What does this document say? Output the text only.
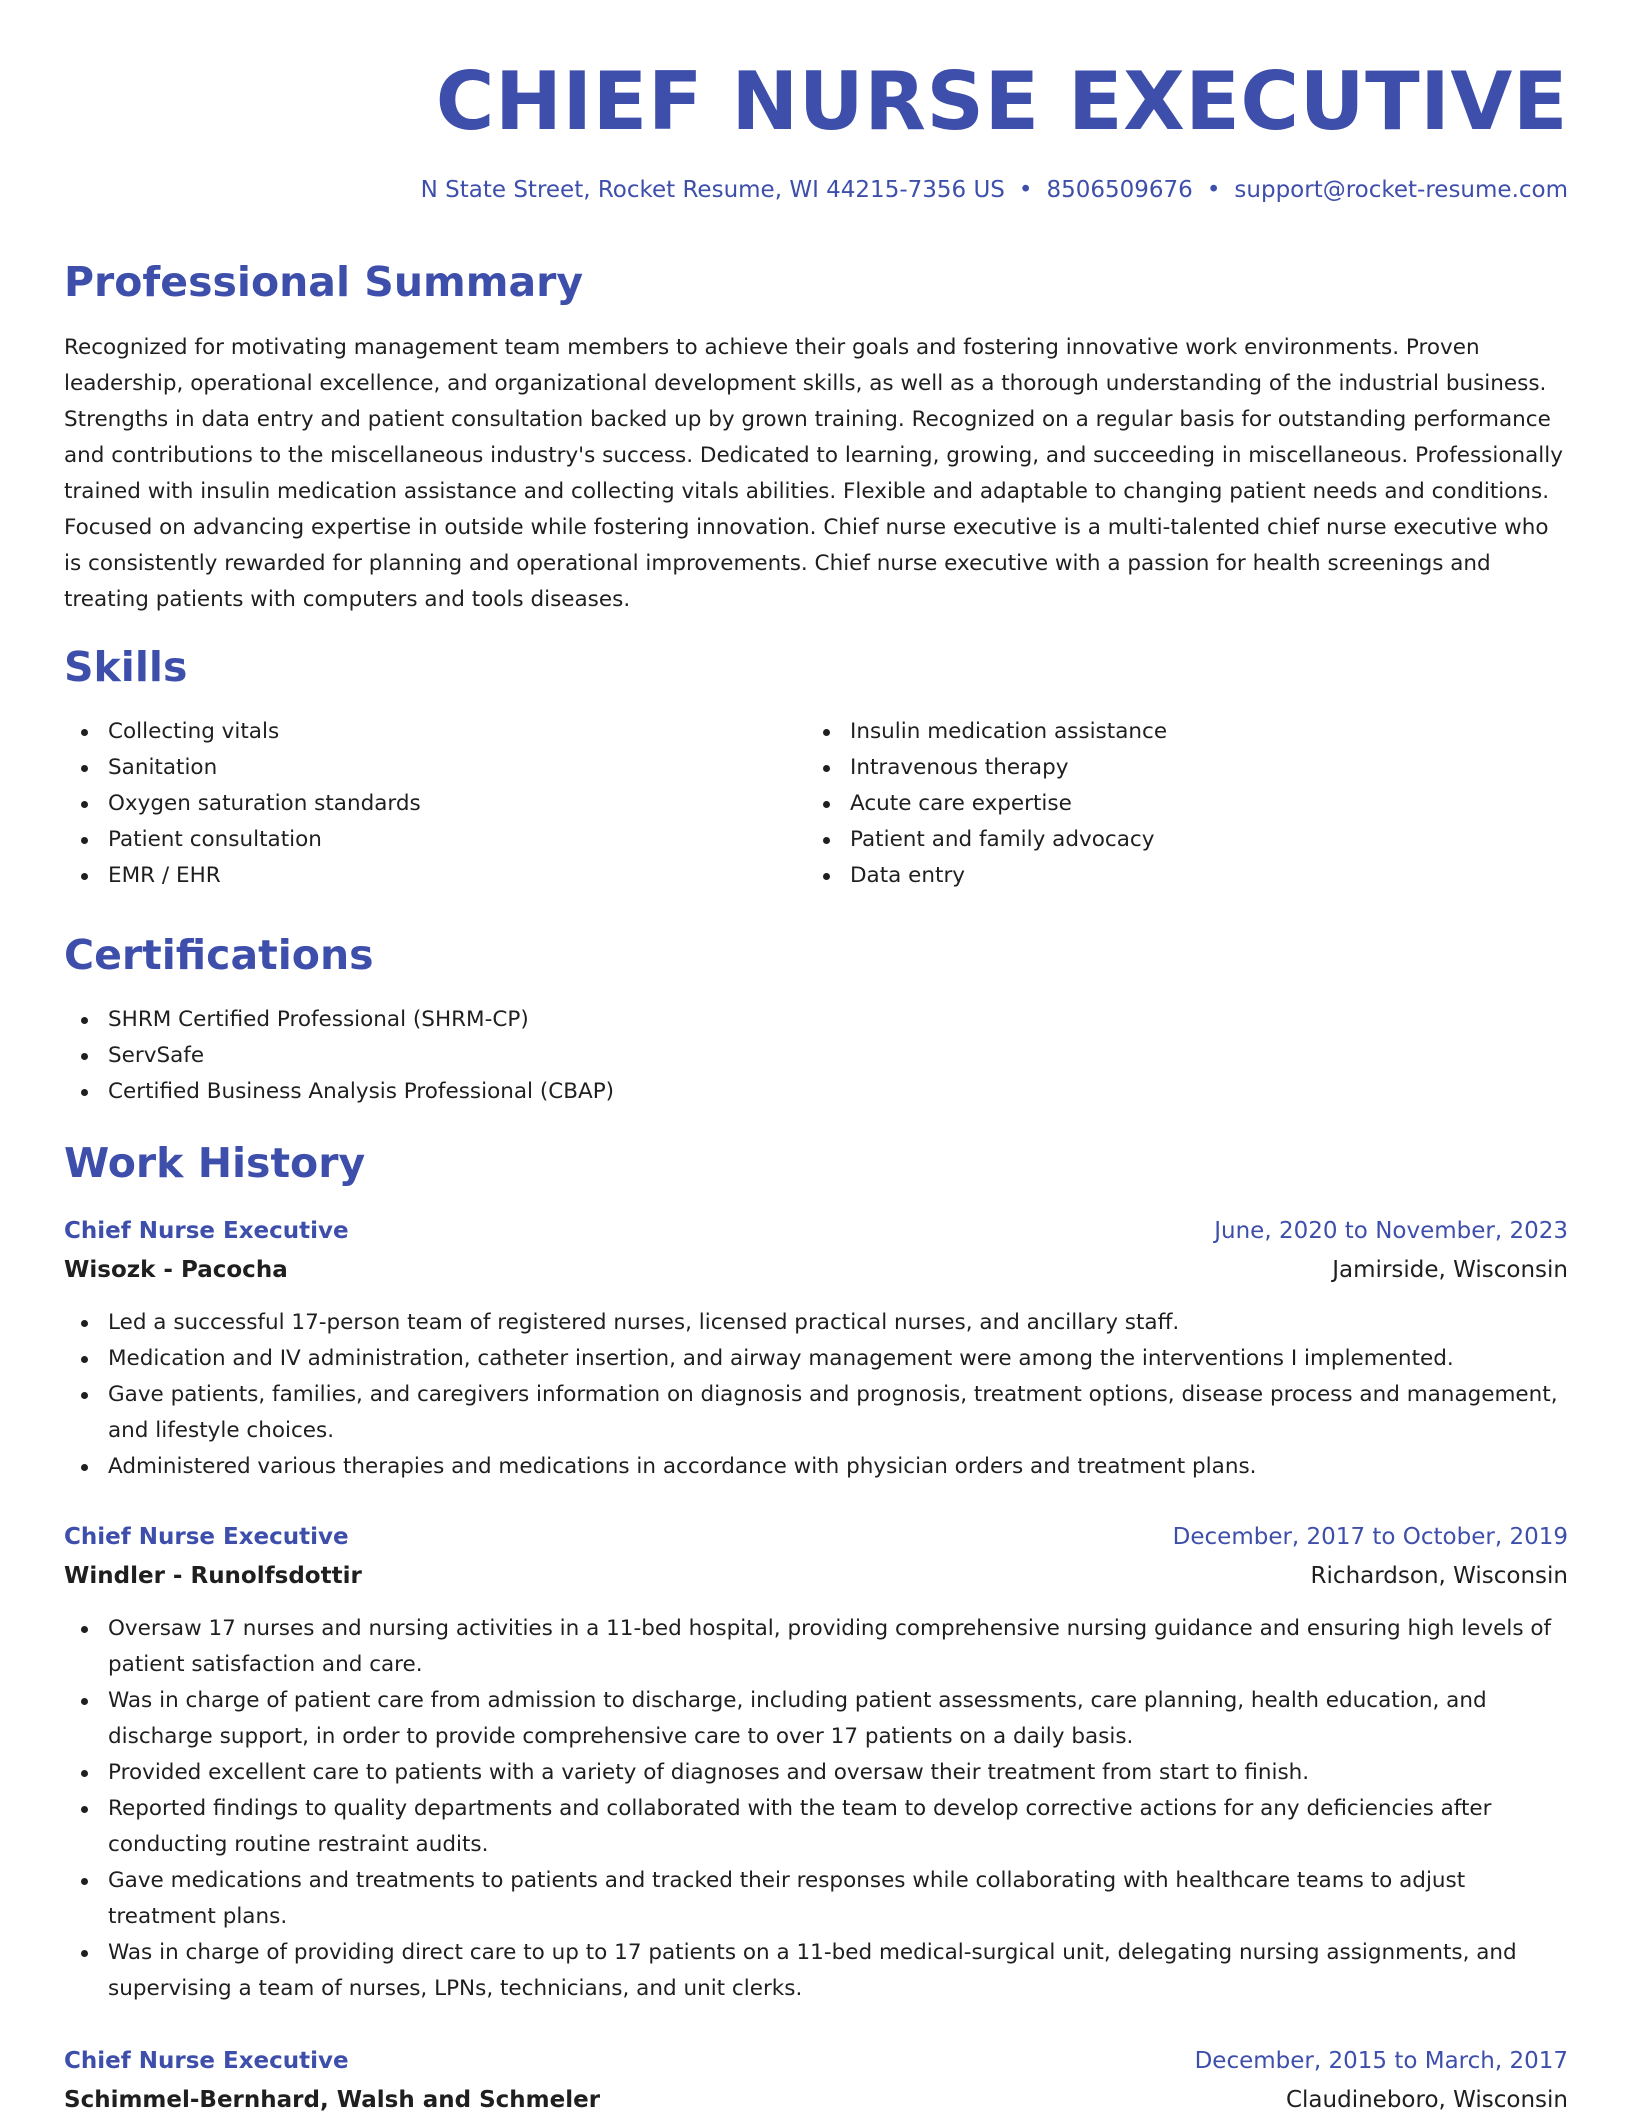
CHIEF NURSE EXECUTIVE
N State Street, Rocket Resume, WI 44215-7356 US • 8506509676 • support@rocket-resume.com
Professional Summary

Recognized for motivating management team members to achieve their goals and fostering innovative work environments. Proven leadership, operational excellence, and organizational development skills, as well as a thorough understanding of the industrial business. Strengths in data entry and patient consultation backed up by grown training. Recognized on a regular basis for outstanding performance and contributions to the miscellaneous industry's success. Dedicated to learning, growing, and succeeding in miscellaneous. Professionally trained with insulin medication assistance and collecting vitals abilities. Flexible and adaptable to changing patient needs and conditions. Focused on advancing expertise in outside while fostering innovation. Chief nurse executive is a multi-talented chief nurse executive who is consistently rewarded for planning and operational improvements. Chief nurse executive with a passion for health screenings and treating patients with computers and tools diseases.

Skills
Collecting vitals
Sanitation
Oxygen saturation standards
Patient consultation
EMR / EHR
Insulin medication assistance
Intravenous therapy
Acute care expertise
Patient and family advocacy
Data entry
Certifications
SHRM Certified Professional (SHRM-CP)
ServSafe
Certified Business Analysis Professional (CBAP)
Work History
Chief Nurse Executive	June, 2020 to November, 2023
Wisozk - Pacocha	Jamirside, Wisconsin
Led a successful 17-person team of registered nurses, licensed practical nurses, and ancillary staff.
Medication and IV administration, catheter insertion, and airway management were among the interventions I implemented.
Gave patients, families, and caregivers information on diagnosis and prognosis, treatment options, disease process and management, and lifestyle choices.
Administered various therapies and medications in accordance with physician orders and treatment plans.
Chief Nurse Executive	December, 2017 to October, 2019
Windler - Runolfsdottir	Richardson, Wisconsin
Oversaw 17 nurses and nursing activities in a 11-bed hospital, providing comprehensive nursing guidance and ensuring high levels of patient satisfaction and care.
Was in charge of patient care from admission to discharge, including patient assessments, care planning, health education, and discharge support, in order to provide comprehensive care to over 17 patients on a daily basis.
Provided excellent care to patients with a variety of diagnoses and oversaw their treatment from start to finish.
Reported findings to quality departments and collaborated with the team to develop corrective actions for any deficiencies after conducting routine restraint audits.
Gave medications and treatments to patients and tracked their responses while collaborating with healthcare teams to adjust treatment plans.
Was in charge of providing direct care to up to 17 patients on a 11-bed medical-surgical unit, delegating nursing assignments, and supervising a team of nurses, LPNs, technicians, and unit clerks.
Chief Nurse Executive	December, 2015 to March, 2017
Schimmel-Bernhard, Walsh and Schmeler	Claudineboro, Wisconsin
